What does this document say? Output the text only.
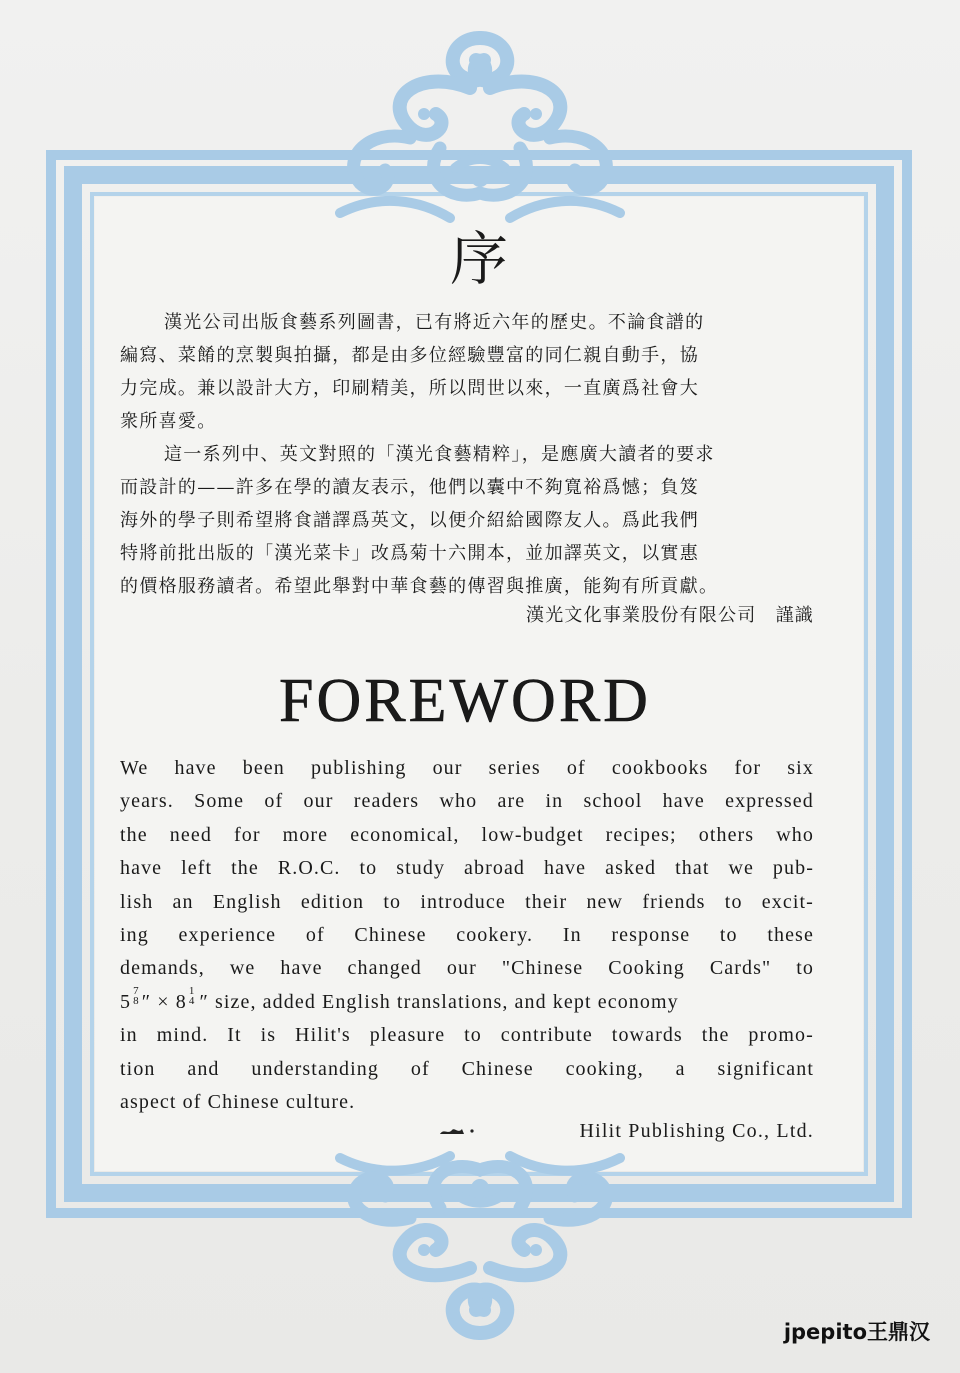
序
漢光公司出版食藝系列圖書，已有將近六年的歷史。不論食譜的
編寫、菜餚的烹製與拍攝，都是由多位經驗豐富的同仁親自動手，協
力完成。兼以設計大方，印刷精美，所以問世以來，一直廣爲社會大
衆所喜愛。
這一系列中、英文對照的「漢光食藝精粹」，是應廣大讀者的要求
而設計的——許多在學的讀友表示，他們以囊中不夠寬裕爲憾；負笈
海外的學子則希望將食譜譯爲英文，以便介紹給國際友人。爲此我們
特將前批出版的「漢光菜卡」改爲菊十六開本，並加譯英文，以實惠
的價格服務讀者。希望此舉對中華食藝的傳習與推廣，能夠有所貢獻。
漢光文化事業股份有限公司　謹識
FOREWORD
We have been publishing our series of cookbooks for six
years. Some of our readers who are in school have expressed
the need for more economical, low-budget recipes; others who
have left the R.O.C. to study abroad have asked that we pub-
lish an English edition to introduce their new friends to excit-
ing experience of Chinese cookery. In response to these
demands, we have changed our "Chinese Cooking Cards" to
5 7
8 ″ × 8 1
4 ″ size, added English translations, and kept economy
in mind. It is Hilit's pleasure to contribute towards the promo-
tion and understanding of Chinese cooking, a significant
aspect of Chinese culture.
Hilit Publishing Co., Ltd.
jpepito王鼎汉
